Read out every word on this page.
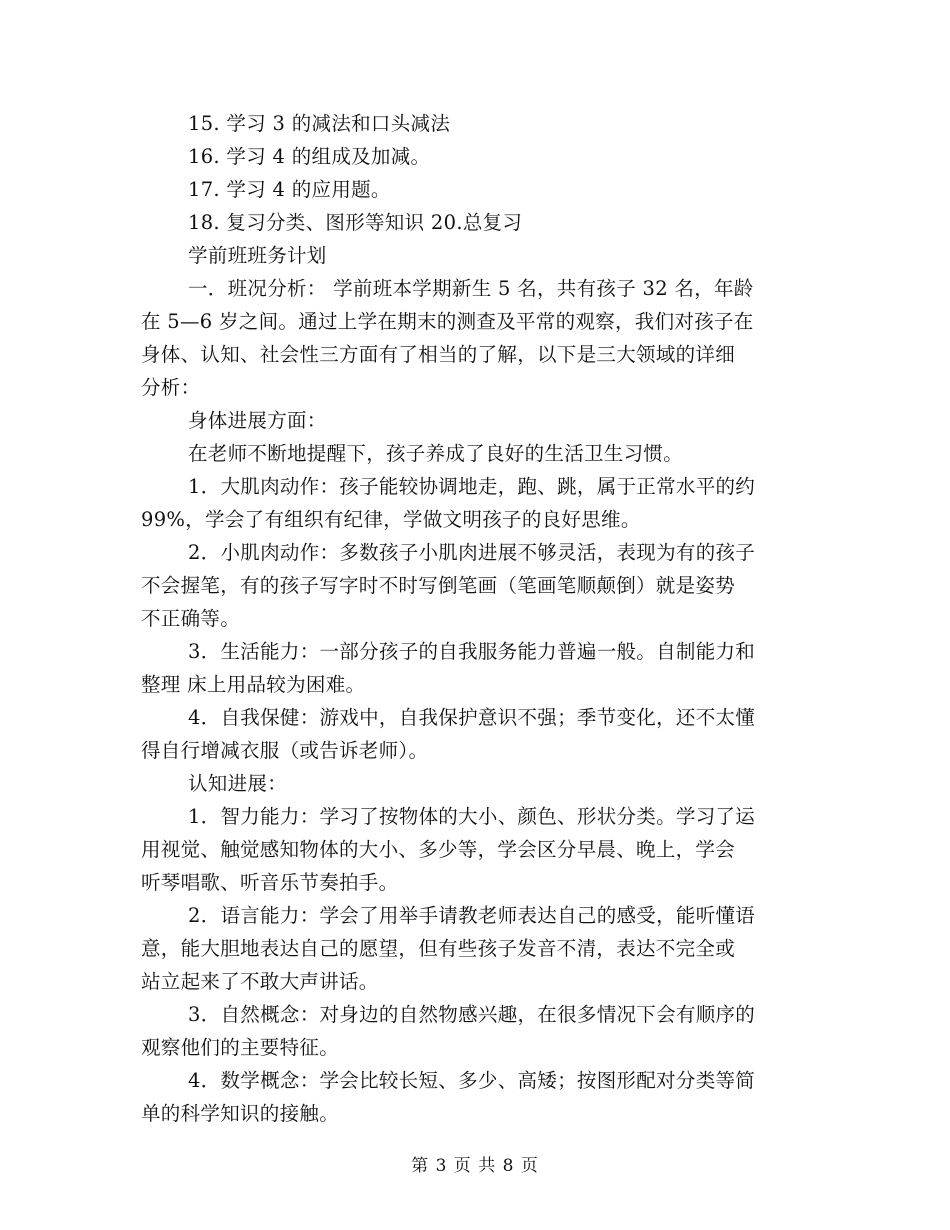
15. 学习 3 的减法和口头减法
16. 学习 4 的组成及加减。
17. 学习 4 的应用题。
18. 复习分类、图形等知识 20.总复习
学前班班务计划
一．班况分析： 学前班本学期新生 5 名，共有孩子 32 名，年龄
在 5—6 岁之间。通过上学在期末的测查及平常的观察，我们对孩子在
身体、认知、社会性三方面有了相当的了解，以下是三大领域的详细
分析：
身体进展方面：
在老师不断地提醒下，孩子养成了良好的生活卫生习惯。
1．大肌肉动作：孩子能较协调地走，跑、跳，属于正常水平的约
99%，学会了有组织有纪律，学做文明孩子的良好思维。
2．小肌肉动作：多数孩子小肌肉进展不够灵活，表现为有的孩子
不会握笔，有的孩子写字时不时写倒笔画（笔画笔顺颠倒）就是姿势
不正确等。
3．生活能力：一部分孩子的自我服务能力普遍一般。自制能力和
整理 床上用品较为困难。
4．自我保健：游戏中，自我保护意识不强；季节变化，还不太懂
得自行增减衣服（或告诉老师）。
认知进展：
1．智力能力：学习了按物体的大小、颜色、形状分类。学习了运
用视觉、触觉感知物体的大小、多少等，学会区分早晨、晚上，学会
听琴唱歌、听音乐节奏拍手。
2．语言能力：学会了用举手请教老师表达自己的感受，能听懂语
意，能大胆地表达自己的愿望，但有些孩子发音不清，表达不完全或
站立起来了不敢大声讲话。
3．自然概念：对身边的自然物感兴趣，在很多情况下会有顺序的
观察他们的主要特征。
4．数学概念：学会比较长短、多少、高矮；按图形配对分类等简
单的科学知识的接触。
第 3 页 共 8 页
